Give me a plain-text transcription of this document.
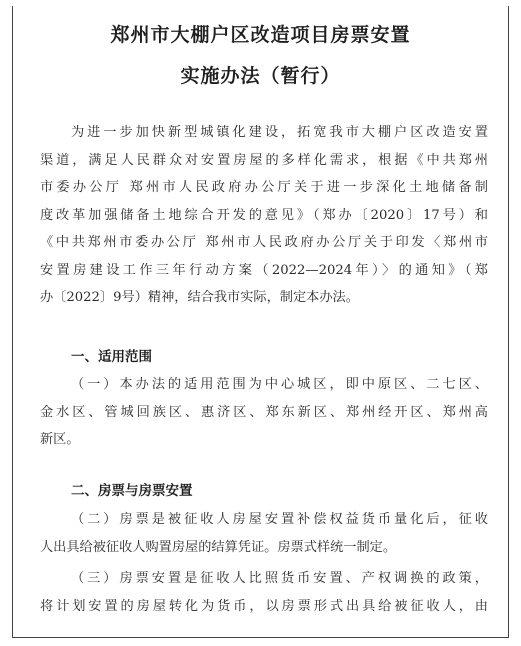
郑州市大棚户区改造项目房票安置
实施办法（暂行）
为进一步加快新型城镇化建设，拓宽我市大棚户区改造安置
渠道，满足人民群众对安置房屋的多样化需求，根据《中共郑州
市委办公厅 郑州市人民政府办公厅关于进一步深化土地储备制
度改革加强储备土地综合开发的意见》（郑办〔2020〕17号）和
《中共郑州市委办公厅 郑州市人民政府办公厅关于印发〈郑州市
安置房建设工作三年行动方案（2022—2024年）〉的通知》（郑
办〔2022〕9号）精神，结合我市实际，制定本办法。
一、适用范围
（一）本办法的适用范围为中心城区，即中原区、二七区、
金水区、管城回族区、惠济区、郑东新区、郑州经开区、郑州高
新区。
二、房票与房票安置
（二）房票是被征收人房屋安置补偿权益货币量化后，征收
人出具给被征收人购置房屋的结算凭证。房票式样统一制定。
（三）房票安置是征收人比照货币安置、产权调换的政策，
将计划安置的房屋转化为货币，以房票形式出具给被征收人，由
